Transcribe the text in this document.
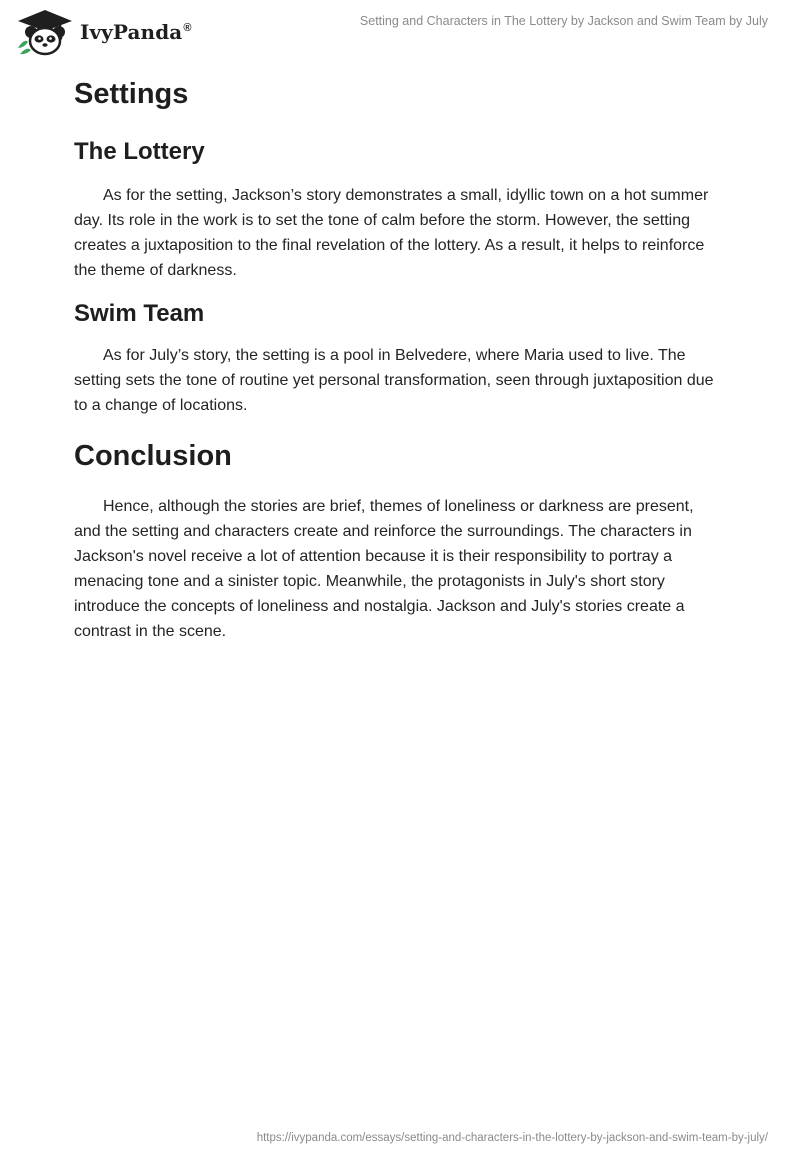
IvyPanda®
Setting and Characters in The Lottery by Jackson and Swim Team by July
Settings
The Lottery

As for the setting, Jackson’s story demonstrates a small, idyllic town on a hot summer day. Its role in the work is to set the tone of calm before the storm. However, the setting creates a juxtaposition to the final revelation of the lottery. As a result, it helps to reinforce the theme of darkness.

Swim Team

As for July’s story, the setting is a pool in Belvedere, where Maria used to live. The setting sets the tone of routine yet personal transformation, seen through juxtaposition due to a change of locations.

Conclusion

Hence, although the stories are brief, themes of loneliness or darkness are present, and the setting and characters create and reinforce the surroundings. The characters in Jackson's novel receive a lot of attention because it is their responsibility to portray a menacing tone and a sinister topic. Meanwhile, the protagonists in July's short story introduce the concepts of loneliness and nostalgia. Jackson and July's stories create a contrast in the scene.

https://ivypanda.com/essays/setting-and-characters-in-the-lottery-by-jackson-and-swim-team-by-july/
